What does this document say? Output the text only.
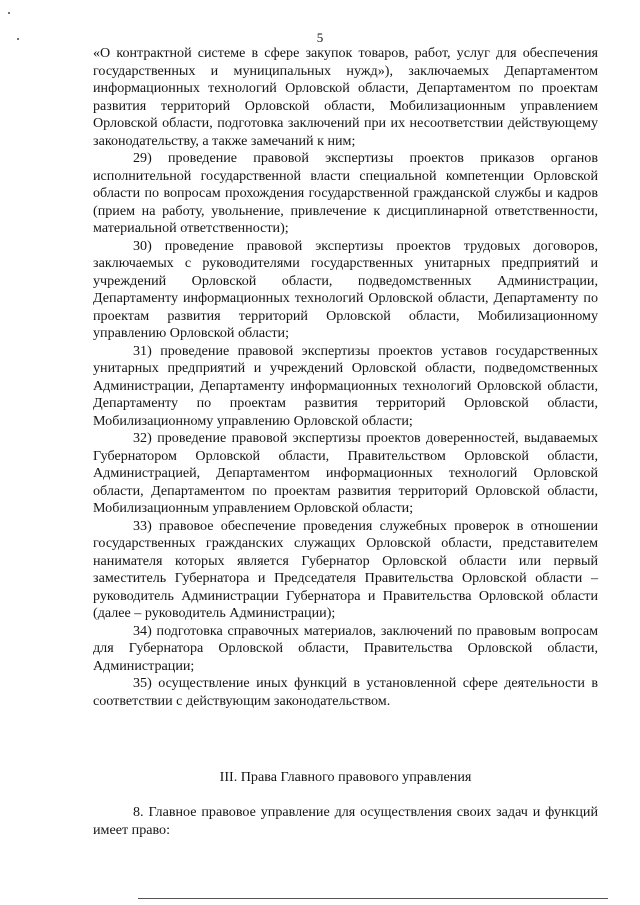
5

«О контрактной системе в сфере закупок товаров, работ, услуг для обеспечения государственных и муниципальных нужд»), заключаемых Департаментом информационных технологий Орловской области, Департаментом по проектам развития территорий Орловской области, Мобилизационным управлением Орловской области, подготовка заключений при их несоответствии действующему законодательству, а также замечаний к ним;

29) проведение правовой экспертизы проектов приказов органов исполнительной государственной власти специальной компетенции Орловской области по вопросам прохождения государственной гражданской службы и кадров (прием на работу, увольнение, привлечение к дисциплинарной ответственности, материальной ответственности);

30) проведение правовой экспертизы проектов трудовых договоров, заключаемых с руководителями государственных унитарных предприятий и учреждений Орловской области, подведомственных Администрации, Департаменту информационных технологий Орловской области, Департаменту по проектам развития территорий Орловской области, Мобилизационному управлению Орловской области;

31) проведение правовой экспертизы проектов уставов государственных унитарных предприятий и учреждений Орловской области, подведомственных Администрации, Департаменту информационных технологий Орловской области, Департаменту по проектам развития территорий Орловской области, Мобилизационному управлению Орловской области;

32) проведение правовой экспертизы проектов доверенностей, выдаваемых Губернатором Орловской области, Правительством Орловской области, Администрацией, Департаментом информационных технологий Орловской области, Департаментом по проектам развития территорий Орловской области, Мобилизационным управлением Орловской области;

33) правовое обеспечение проведения служебных проверок в отношении государственных гражданских служащих Орловской области, представителем нанимателя которых является Губернатор Орловской области или первый заместитель Губернатора и Председателя Правительства Орловской области – руководитель Администрации Губернатора и Правительства Орловской области (далее – руководитель Администрации);

34) подготовка справочных материалов, заключений по правовым вопросам для Губернатора Орловской области, Правительства Орловской области, Администрации;

35) осуществление иных функций в установленной сфере деятельности в соответствии с действующим законодательством.

III. Права Главного правового управления
8. Главное правовое управление для осуществления своих задач и функций имеет право:
